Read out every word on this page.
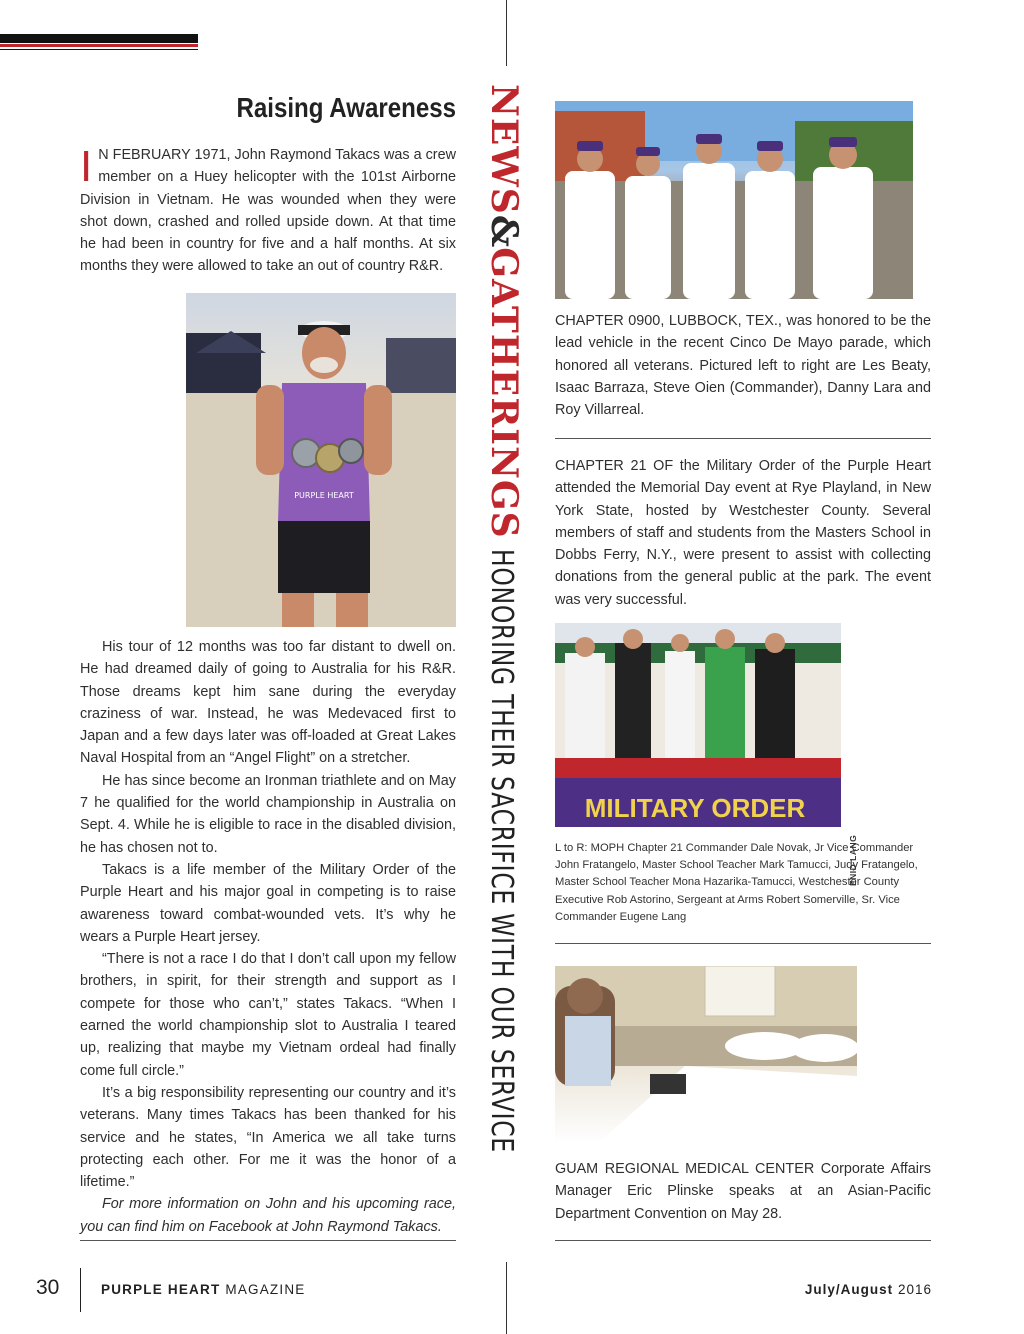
NEWS&GATHERINGSHONORING THEIR SACRIFICE WITH OUR SERVICE
Raising Awareness
I N FEBRUARY 1971, John Raymond Takacs was a crew member on a Huey helicopter with the 101st Airborne Division in Vietnam. He was wounded when they were shot down, crashed and rolled upside down. At that time he had been in country for five and a half months. At six months they were allowed to take an out of country R&R.
PURPLE HEART

His tour of 12 months was too far distant to dwell on. He had dreamed daily of going to Australia for his R&R. Those dreams kept him sane during the everyday craziness of war. Instead, he was Medevaced first to Japan and a few days later was off-loaded at Great Lakes Naval Hospital from an “Angel Flight” on a stretcher.

He has since become an Ironman triathlete and on May 7 he qualified for the world championship in Australia on Sept. 4. While he is eligible to race in the disabled division, he has chosen not to.

Takacs is a life member of the Military Order of the Purple Heart and his major goal in competing is to raise awareness toward combat-wounded vets. It’s why he wears a Purple Heart jersey.

“There is not a race I do that I don’t call upon my fellow brothers, in spirit, for their strength and support as I compete for those who can’t,” states Takacs. “When I earned the world championship slot to Australia I teared up, realizing that maybe my Vietnam ordeal had finally come full circle.”

It’s a big responsibility representing our country and it’s veterans. Many times Takacs has been thanked for his service and he states, “In America we all take turns protecting each other. For me it was the honor of a lifetime.”

For more information on John and his upcoming race, you can find him on Facebook at John Raymond Takacs.

CHAPTER 0900, LUBBOCK, TEX., was honored to be the lead vehicle in the recent Cinco De Mayo parade, which honored all veterans. Pictured left to right are Les Beaty, Isaac Barraza, Steve Oien (Commander), Danny Lara and Roy Villarreal.
CHAPTER 21 OF the Military Order of the Purple Heart attended the Memorial Day event at Rye Playland, in New York State, hosted by Westchester County. Several members of staff and students from the Masters School in Dobbs Ferry, N.Y., were present to assist with collecting donations from the general public at the park. The event was very successful.
MILITARY ORDER
ENID LANG
L to R: MOPH Chapter 21 Commander Dale Novak, Jr Vice Commander John Fratangelo, Master School Teacher Mark Tamucci, Judy Fratangelo, Master School Teacher Mona Hazarika-Tamucci, Westchester County Executive Rob Astorino, Sergeant at Arms Robert Somerville, Sr. Vice Commander Eugene Lang
GUAM REGIONAL MEDICAL CENTER Corporate Affairs Manager Eric Plinske speaks at an Asian-Pacific Department Convention on May 28.
30	PURPLE HEART MAGAZINE	July/August 2016
